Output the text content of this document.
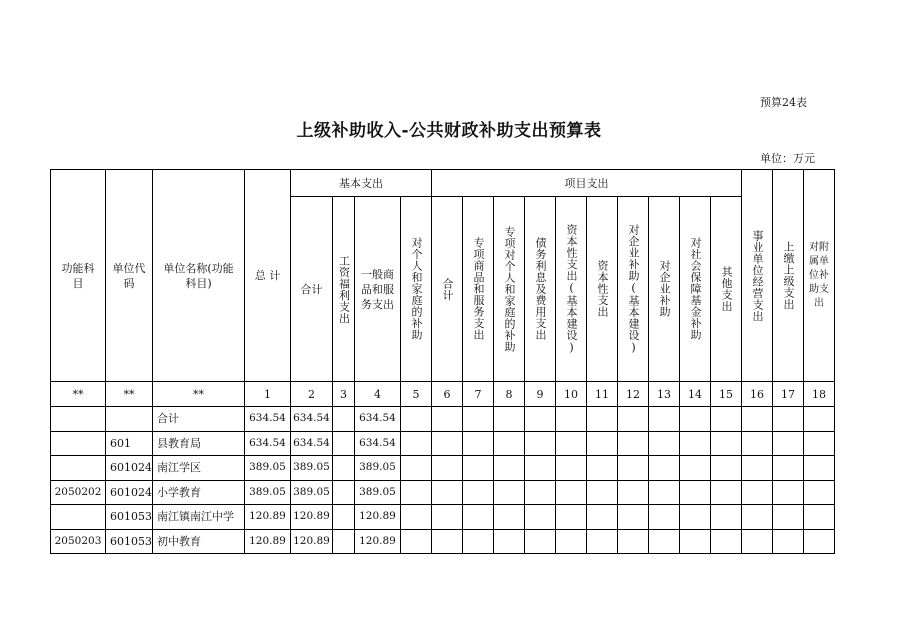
预算24表
上级补助收入-公共财政补助支出预算表
单位：万元
功能科目	单位代码	单位名称(功能科目)	总 计	基本支出				项目支出										事业单位经营支出	上缴上级支出	对附属单位补助支出

				合计	工资福利支出	一般商品和服务支出	对个人和家庭的补助	合计	专项商品和服务支出	专项对个人和家庭的补助	债务利息及费用支出	资本性支出(基本建设)	资本性支出	对企业补助(基本建设)	对企业补助	对社会保障基金补助	其他支出			

**	**	**	1	2	3	4	5	6	7	8	9	10	11	12	13	14	15	16	17	18
		合计	634.54	634.54		634.54														
	601	县教育局	634.54	634.54		634.54														
	601024	南江学区	389.05	389.05		389.05														
2050202	601024	小学教育	389.05	389.05		389.05														
	601053	南江镇南江中学	120.89	120.89		120.89														
2050203	601053	初中教育	120.89	120.89		120.89														
